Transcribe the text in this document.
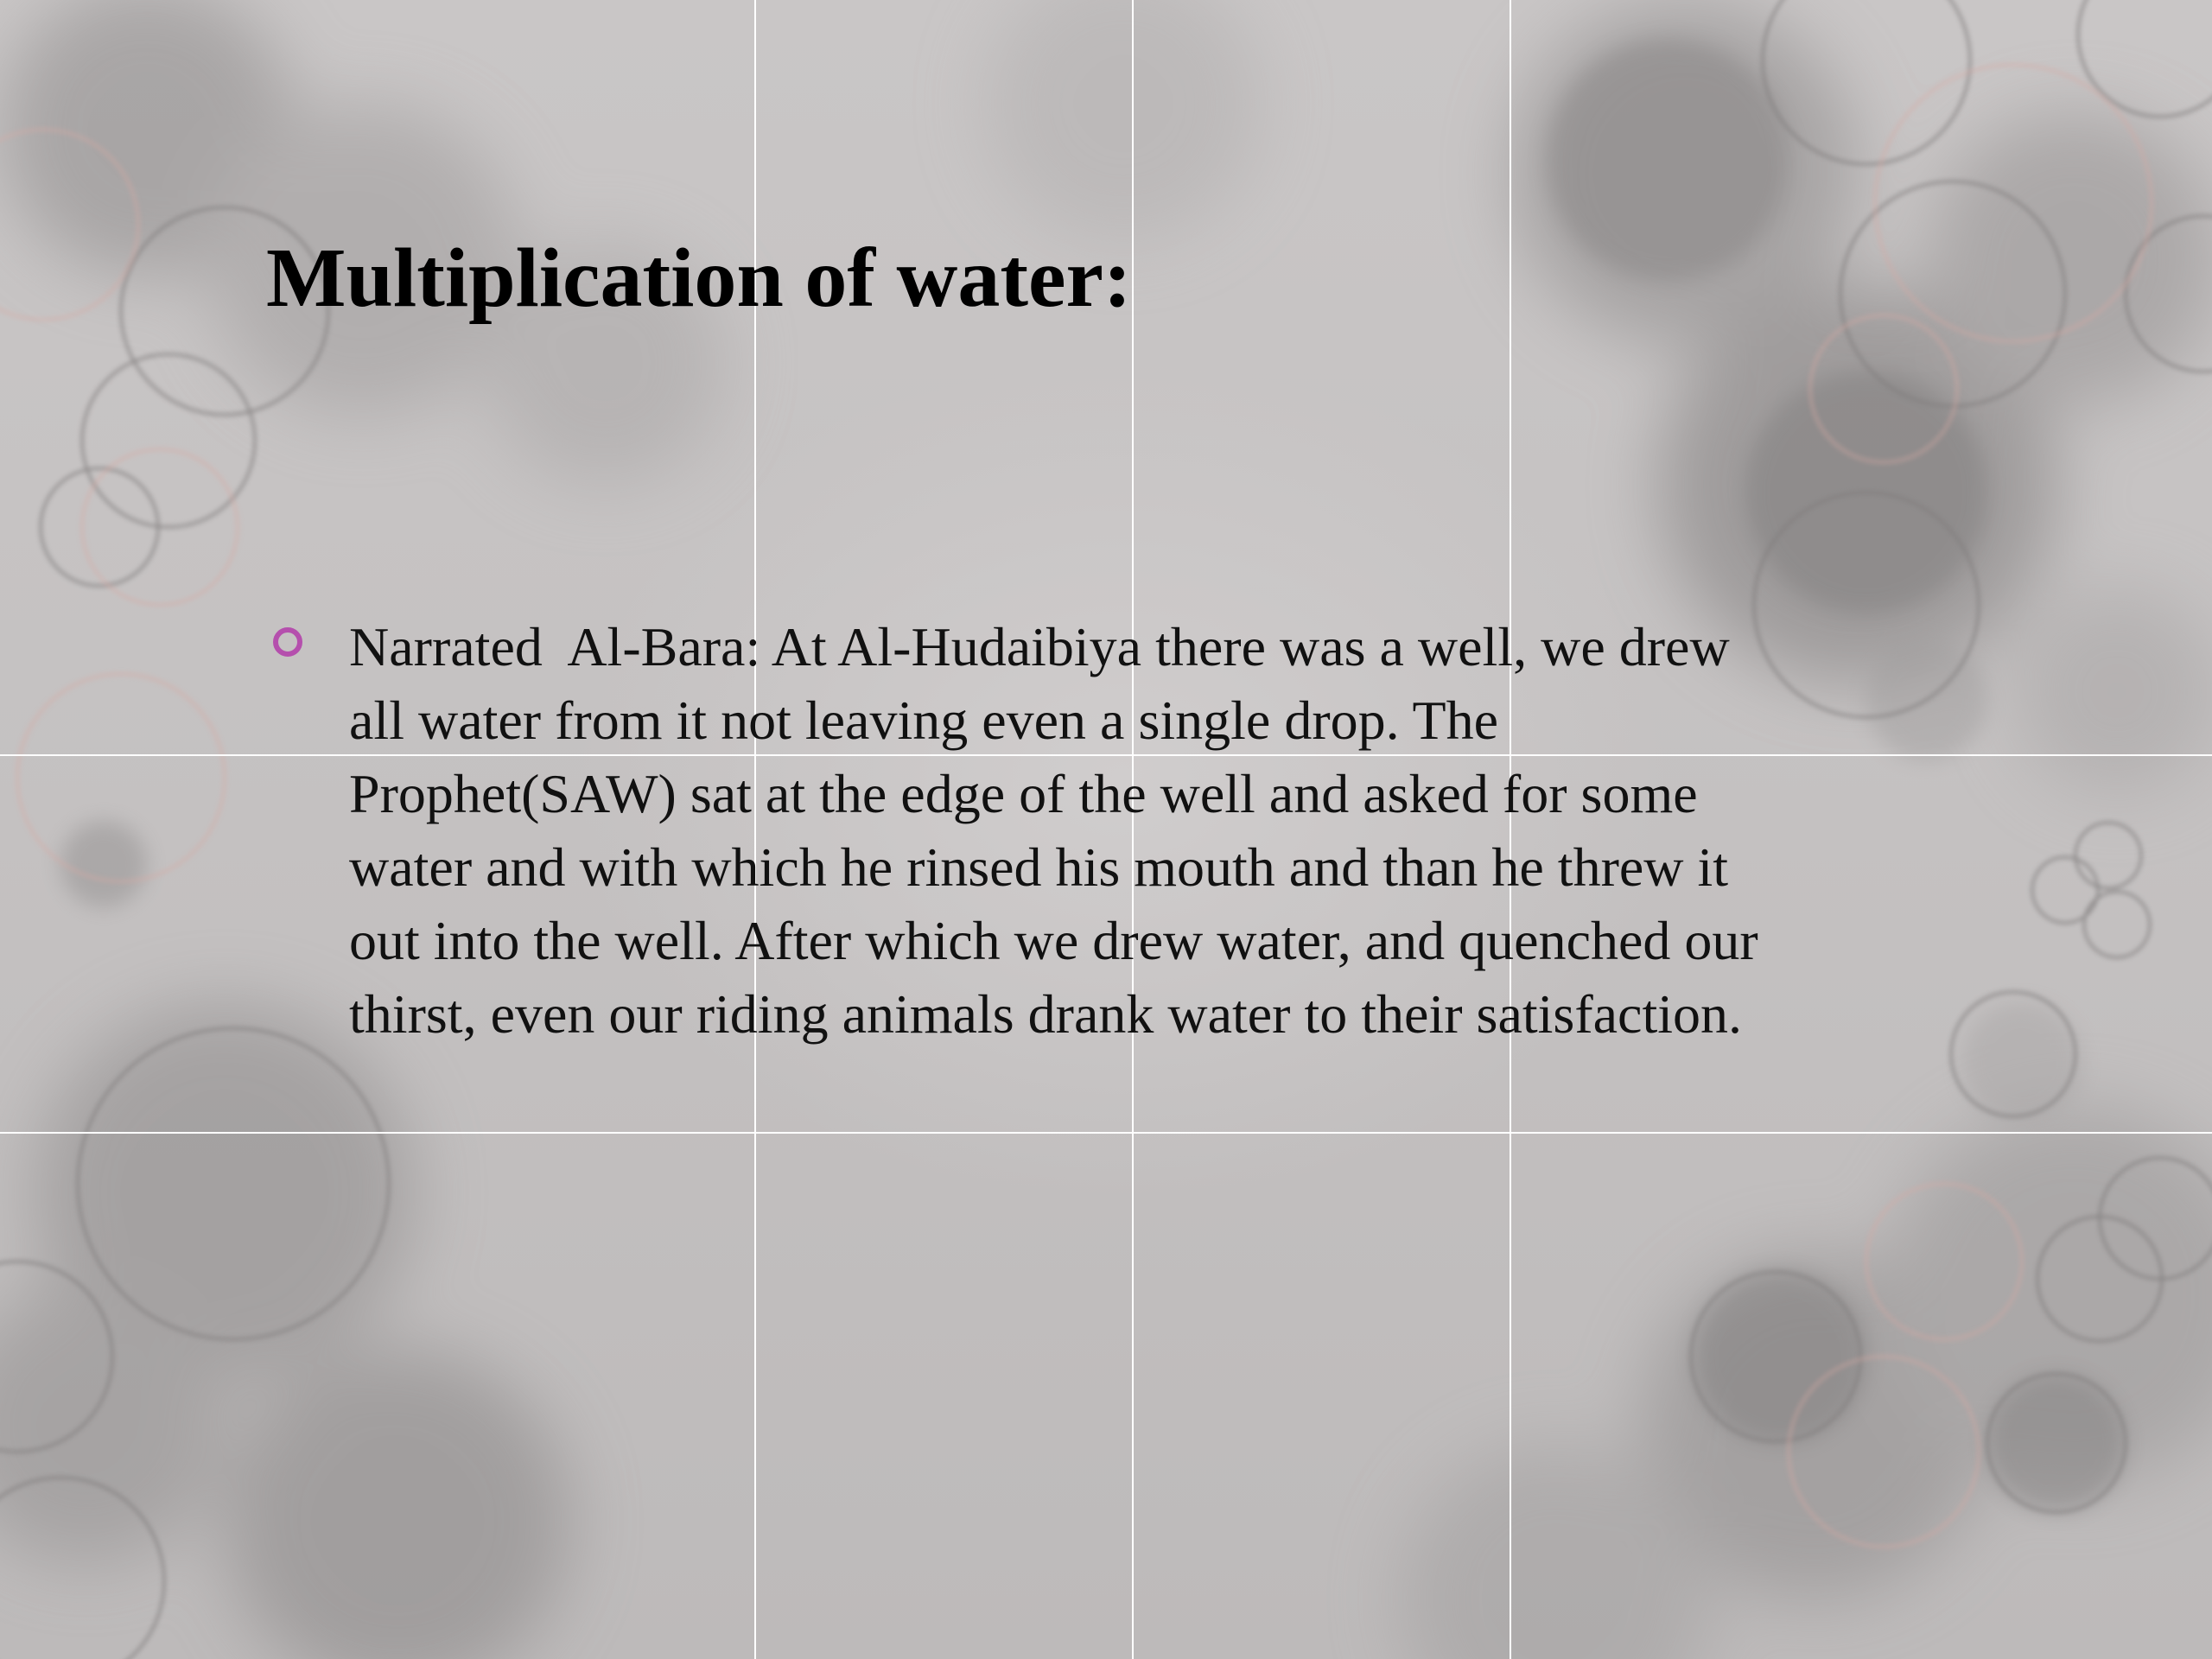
Multiplication of water:
Narrated  Al-Bara: At Al-Hudaibiya there was a well, we drew
all water from it not leaving even a single drop. The
Prophet(SAW) sat at the edge of the well and asked for some
water and with which he rinsed his mouth and than he threw it
out into the well. After which we drew water, and quenched our
thirst, even our riding animals drank water to their satisfaction.
